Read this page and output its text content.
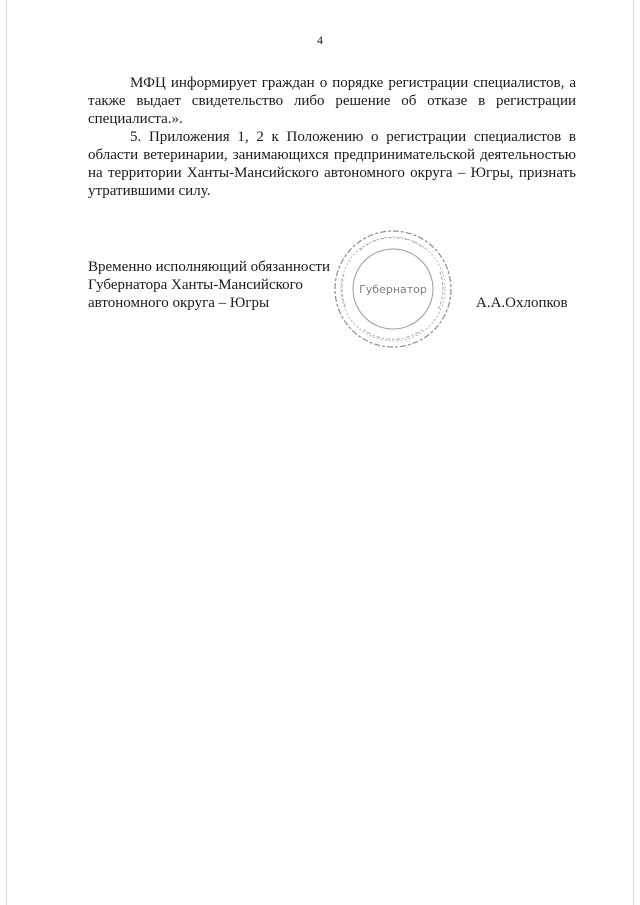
4

МФЦ информирует граждан о порядке регистрации специалистов, а также выдает свидетельство либо решение об отказе в регистрации специалиста.».

5. Приложения 1, 2 к Положению о регистрации специалистов в области ветеринарии, занимающихся предпринимательской деятельностью на территории Ханты-Мансийского автономного округа – Югры, признать утратившими силу.

Временно исполняющий обязанности
Губернатора Ханты-Мансийского
автономного округа – Югры
Губернатор
А.А.Охлопков
